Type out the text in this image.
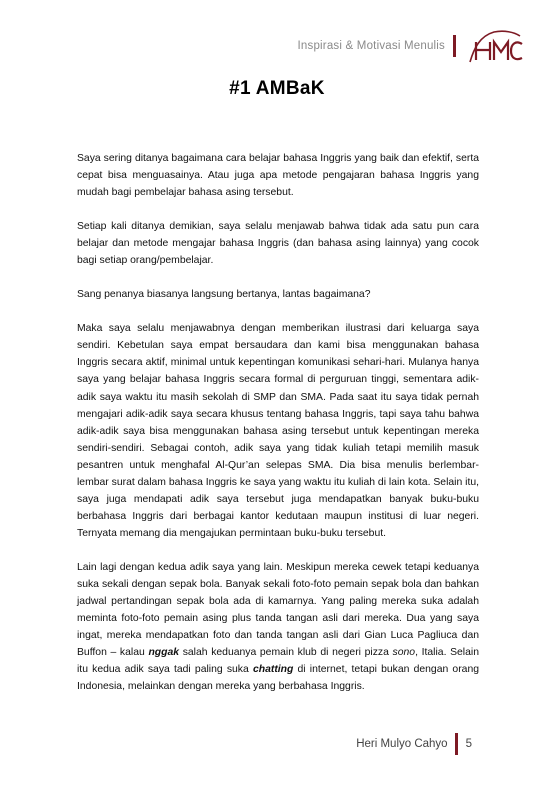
Inspirasi & Motivasi Menulis
#1 AMBaK

Saya sering ditanya bagaimana cara belajar bahasa Inggris yang baik dan efektif, serta cepat bisa menguasainya. Atau juga apa metode pengajaran bahasa Inggris yang mudah bagi pembelajar bahasa asing tersebut.

Setiap kali ditanya demikian, saya selalu menjawab bahwa tidak ada satu pun cara belajar dan metode mengajar bahasa Inggris (dan bahasa asing lainnya) yang cocok bagi setiap orang/pembelajar.

Sang penanya biasanya langsung bertanya, lantas bagaimana?

Maka saya selalu menjawabnya dengan memberikan ilustrasi dari keluarga saya sendiri. Kebetulan saya empat bersaudara dan kami bisa menggunakan bahasa Inggris secara aktif, minimal untuk kepentingan komunikasi sehari-hari. Mulanya hanya saya yang belajar bahasa Inggris secara formal di perguruan tinggi, sementara adik-adik saya waktu itu masih sekolah di SMP dan SMA. Pada saat itu saya tidak pernah mengajari adik-adik saya secara khusus tentang bahasa Inggris, tapi saya tahu bahwa adik-adik saya bisa menggunakan bahasa asing tersebut untuk kepentingan mereka sendiri-sendiri. Sebagai contoh, adik saya yang tidak kuliah tetapi memilih masuk pesantren untuk menghafal Al-Qur’an selepas SMA. Dia bisa menulis berlembar-lembar surat dalam bahasa Inggris ke saya yang waktu itu kuliah di lain kota. Selain itu, saya juga mendapati adik saya tersebut juga mendapatkan banyak buku-buku berbahasa Inggris dari berbagai kantor kedutaan maupun institusi di luar negeri. Ternyata memang dia mengajukan permintaan buku-buku tersebut.

Lain lagi dengan kedua adik saya yang lain. Meskipun mereka cewek tetapi keduanya suka sekali dengan sepak bola. Banyak sekali foto-foto pemain sepak bola dan bahkan jadwal pertandingan sepak bola ada di kamarnya. Yang paling mereka suka adalah meminta foto-foto pemain asing plus tanda tangan asli dari mereka. Dua yang saya ingat, mereka mendapatkan foto dan tanda tangan asli dari Gian Luca Pagliuca dan Buffon – kalau nggak salah keduanya pemain klub di negeri pizza sono, Italia. Selain itu kedua adik saya tadi paling suka chatting di internet, tetapi bukan dengan orang Indonesia, melainkan dengan mereka yang berbahasa Inggris.

Heri Mulyo Cahyo	5
